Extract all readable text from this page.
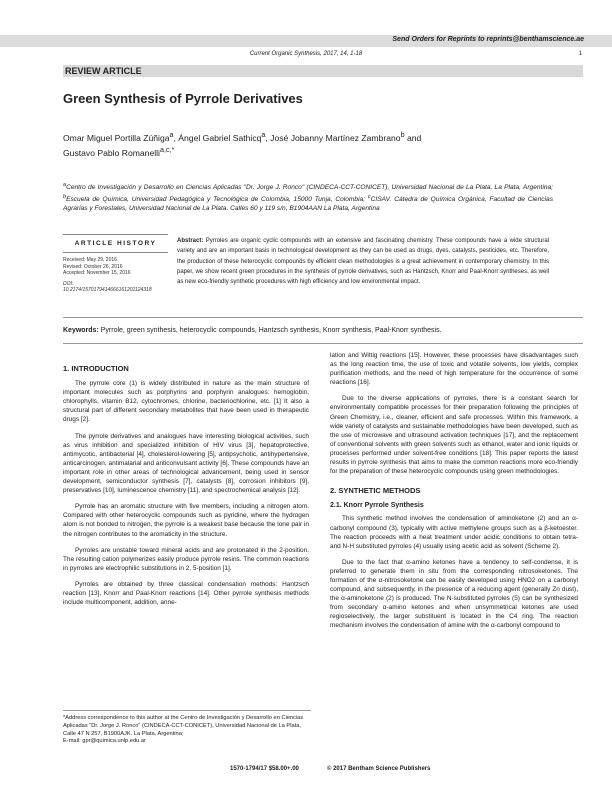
Send Orders for Reprints to reprints@benthamscience.ae
Current Organic Synthesis, 2017, 14, 1-18	1
REVIEW ARTICLE
Green Synthesis of Pyrrole Derivatives
Omar Miguel Portilla Zúñiga$^a$, Ángel Gabriel Sathicq$^a$, José Jobanny Martínez Zambrano$^b$ and
Gustavo Pablo Romanelli$^{a,c,*}$
$^a$Centro de Investigación y Desarrollo en Ciencias Aplicadas "Dr. Jorge J. Ronco" (CINDECA-CCT-CONICET), Universidad Nacional de La Plata, La Plata, Argentina; $^b$Escuela de Química, Universidad Pedagógica y Tecnológica de Colombia, 15000 Tunja, Colombia; $^c$CISAV. Cátedra de Química Orgánica, Facultad de Ciencias Agrarias y Forestales, Universidad Nacional de La Plata. Calles 60 y 119 s/n, B1904AAN La Plata, Argentina
ARTICLE HISTORY
Received: May 29, 2016
Revised: October 26, 2016
Accepted: November 15, 2016
DOI:
10.2174/1570179414666161201124318
Abstract: Pyrroles are organic cyclic compounds with an extensive and fascinating chemistry. These compounds have a wide structural variety and are an important basis in technological development as they can be used as drugs, dyes, catalysts, pesticides, etc. Therefore, the production of these heterocyclic compounds by efficient clean methodologies is a great achievement in contemporary chemistry. In this paper, we show recent green procedures in the synthesis of pyrrole derivatives, such as Hantzsch, Knorr and Paal-Knorr syntheses, as well as new eco-friendly synthetic procedures with high efficiency and low environmental impact.
Keywords: Pyrrole, green synthesis, heterocyclic compounds, Hantzsch synthesis, Knorr synthesis, Paal-Knorr synthesis.
1. INTRODUCTION

The pyrrole core (1) is widely distributed in nature as the main structure of important molecules such as porphyrins and porphyrin analogues: hemoglobin, chlorophylls, vitamin B12, cytochromes, chlorine, bacteriochlorine, etc. [1] It also a structural part of different secondary metabolites that have been used in therapeutic drugs [2].

The pyrrole derivatives and analogues have interesting biological activities, such as virus inhibition and specialized inhibition of HIV virus [3], hepatoprotective, antimycotic, antibacterial [4], cholesterol-lowering [5], antipsychotic, antihypertensive, anticarcinogen, antimalarial and anticonvulsant activity [6]. These compounds have an important role in other areas of technological advancement, being used in sensor development, semiconductor synthesis [7], catalysts [8], corrosion inhibitors [9], preservatives [10], luminescence chemistry [11], and spectrochemical analysis [12].

Pyrrole has an aromatic structure with five members, including a nitrogen atom. Compared with other heterocyclic compounds such as pyridine, where the hydrogen atom is not bonded to nitrogen, the pyrrole is a weakest base because the lone pair in the nitrogen contributes to the aromaticity in the structure.

Pyrroles are unstable toward mineral acids and are protonated in the 2-position. The resulting cation polymerizes easily produce pyrrole resins. The common reactions in pyrroles are electrophilic substitutions in 2, 5-position [1].

Pyrroles are obtained by three classical condensation methods: Hantzsch reaction [13], Knorr and Paal-Knorr reactions [14]. Other pyrrole synthesis methods include multicomponent, addition, anne-

*Address correspondence to this author at the Centro de Investigación y Desarrollo en Ciencias Aplicadas "Dr. Jorge J. Ronco" (CINDECA-CCT-CONICET), Universidad Nacional de La Plata, Calle 47 N 257, B1900AJK. La Plata, Argentina;
E-mail: gpr@quimica.unlp.edu.ar

lation and Wittig reactions [15]. However, these processes have disadvantages such as the long reaction time, the use of toxic and volatile solvents, low yields, complex purification methods, and the need of high temperature for the occurrence of some reactions [16].

Due to the diverse applications of pyrroles, there is a constant search for environmentally compatible processes for their preparation following the principles of Green Chemistry, i.e., cleaner, efficient and safe processes. Within this framework, a wide variety of catalysts and sustainable methodologies have been developed, such as the use of microwave and ultrasound activation techniques [17], and the replacement of conventional solvents with green solvents such as ethanol, water and ionic liquids or processes performed under solvent-free conditions [18]. This paper reports the latest results in pyrrole synthesis that aims to make the common reactions more eco-friendly for the preparation of these heterocyclic compounds using green methodologies.

2. SYNTHETIC METHODS
2.1. Knorr Pyrrole Synthesis

This synthetic method involves the condensation of aminoketone (2) and an α-carbonyl compound (3), typically with active methylene groups such as a β-ketoester. The reaction proceeds with a heat treatment under acidic conditions to obtain tetra- and N-H substituted pyrroles (4) usually using acetic acid as solvent (Scheme 2).

Due to the fact that α-amino ketones have a tendency to self-condense, it is preferred to generate them in situ from the corresponding nitrosoketones. The formation of the α-nitrosoketone can be easily developed using HNO2 on a carbonyl compound, and subsequently, in the presence of a reducing agent (generally Zn dust), the α-aminoketone (2) is produced. The N-substituted pyrroles (5) can be synthesized from secondary α-amino ketones and when unsymmetrical ketones are used regioselectively, the larger substituent is located in the C4 ring. The reaction mechanism involves the condensation of amine with the α-carbonyl compound to

1570-1794/17 $58.00+.00	© 2017 Bentham Science Publishers
